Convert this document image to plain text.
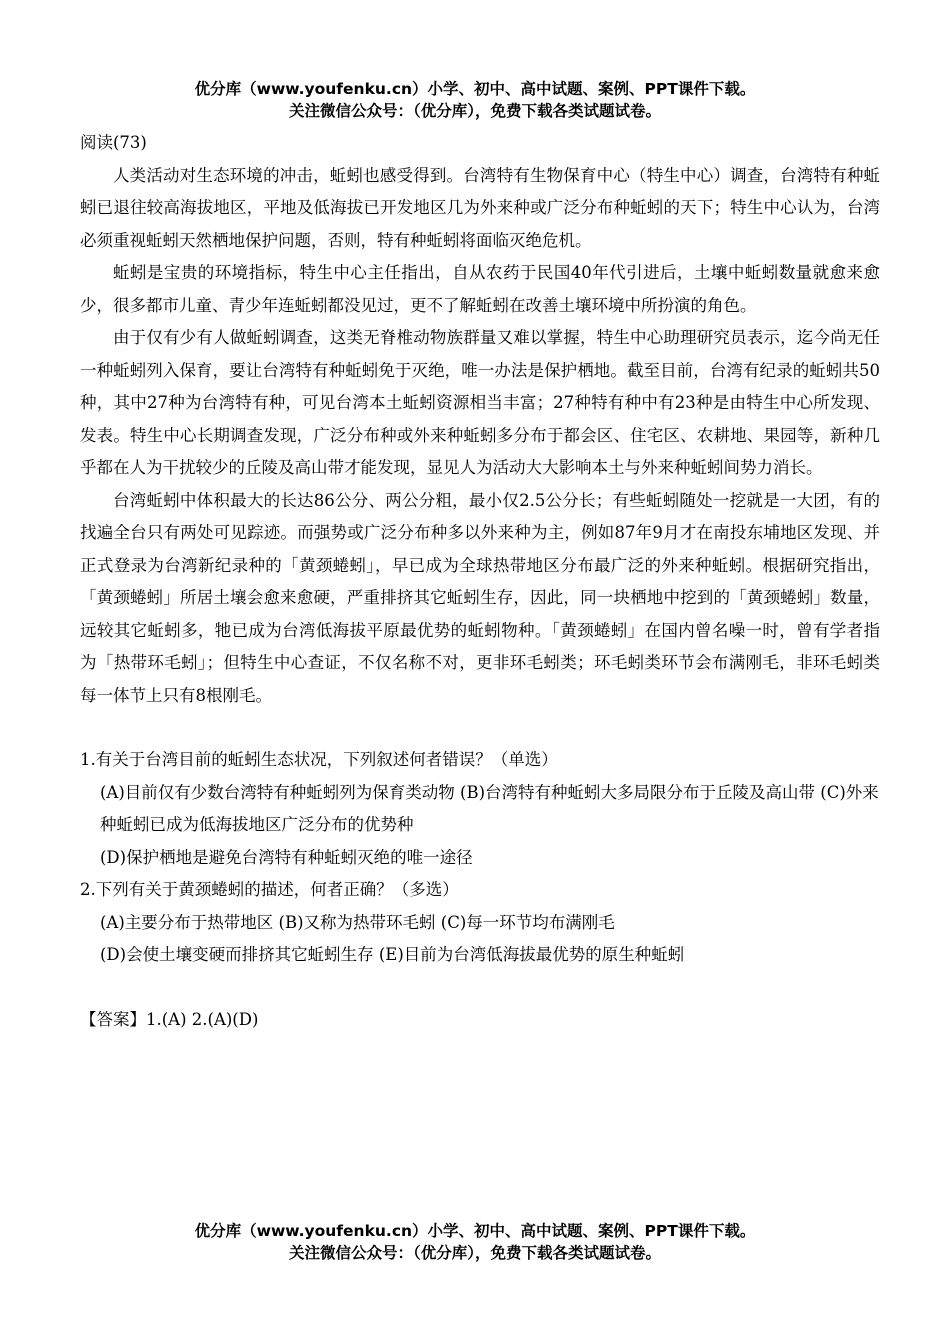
优分库（www.youfenku.cn）小学、初中、高中试题、案例、PPT课件下载。
关注微信公众号：（优分库），免费下载各类试题试卷。

阅读(73)

人类活动对生态环境的冲击，蚯蚓也感受得到。台湾特有生物保育中心（特生中心）调查，台湾特有种蚯蚓已退往较高海拔地区，平地及低海拔已开发地区几为外来种或广泛分布种蚯蚓的天下；特生中心认为，台湾必须重视蚯蚓天然栖地保护问题，否则，特有种蚯蚓将面临灭绝危机。

蚯蚓是宝贵的环境指标，特生中心主任指出，自从农药于民国40年代引进后，土壤中蚯蚓数量就愈来愈少，很多都市儿童、青少年连蚯蚓都没见过，更不了解蚯蚓在改善土壤环境中所扮演的角色。

由于仅有少有人做蚯蚓调查，这类无脊椎动物族群量又难以掌握，特生中心助理研究员表示，迄今尚无任一种蚯蚓列入保育，要让台湾特有种蚯蚓免于灭绝，唯一办法是保护栖地。截至目前，台湾有纪录的蚯蚓共50种，其中27种为台湾特有种，可见台湾本土蚯蚓资源相当丰富；27种特有种中有23种是由特生中心所发现、发表。特生中心长期调查发现，广泛分布种或外来种蚯蚓多分布于都会区、住宅区、农耕地、果园等，新种几乎都在人为干扰较少的丘陵及高山带才能发现，显见人为活动大大影响本土与外来种蚯蚓间势力消长。

台湾蚯蚓中体积最大的长达86公分、两公分粗，最小仅2.5公分长；有些蚯蚓随处一挖就是一大团，有的找遍全台只有两处可见踪迹。而强势或广泛分布种多以外来种为主，例如87年9月才在南投东埔地区发现、并正式登录为台湾新纪录种的「黄颈蜷蚓」，早已成为全球热带地区分布最广泛的外来种蚯蚓。根据研究指出，「黄颈蜷蚓」所居土壤会愈来愈硬，严重排挤其它蚯蚓生存，因此，同一块栖地中挖到的「黄颈蜷蚓」数量，远较其它蚯蚓多，牠已成为台湾低海拔平原最优势的蚯蚓物种。「黄颈蜷蚓」在国内曾名噪一时，曾有学者指为「热带环毛蚓」；但特生中心查证，不仅名称不对，更非环毛蚓类；环毛蚓类环节会布满刚毛，非环毛蚓类每一体节上只有8根刚毛。

1.有关于台湾目前的蚯蚓生态状况，下列叙述何者错误？（单选）

(A)目前仅有少数台湾特有种蚯蚓列为保育类动物 (B)台湾特有种蚯蚓大多局限分布于丘陵及高山带 (C)外来种蚯蚓已成为低海拔地区广泛分布的优势种

(D)保护栖地是避免台湾特有种蚯蚓灭绝的唯一途径

2.下列有关于黄颈蜷蚓的描述，何者正确？（多选）

(A)主要分布于热带地区 (B)又称为热带环毛蚓 (C)每一环节均布满刚毛

(D)会使土壤变硬而排挤其它蚯蚓生存 (E)目前为台湾低海拔最优势的原生种蚯蚓

【答案】1.(A) 2.(A)(D)

优分库（www.youfenku.cn）小学、初中、高中试题、案例、PPT课件下载。
关注微信公众号：（优分库），免费下载各类试题试卷。
